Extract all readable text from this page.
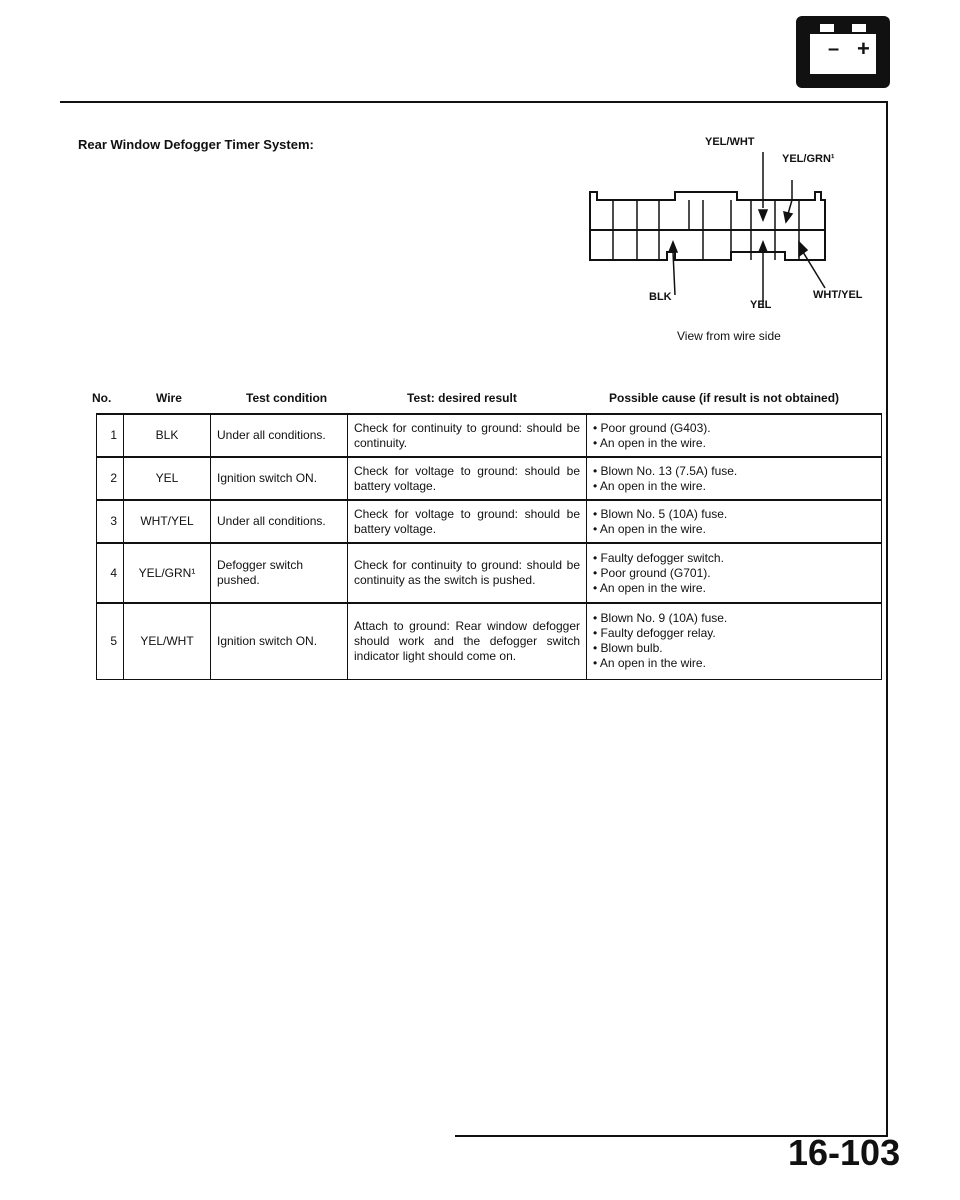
– +
Rear Window Defogger Timer System:	YEL/WHT
YEL/GRN¹
BLK
YEL
WHT/YEL
View from wire side
No.	Wire	Test condition	Test: desired result	Possible cause (if result is not obtained)
1	BLK	Under all conditions.	Check for continuity to ground: should be continuity.	• Poor ground (G403).
• An open in the wire.

2	YEL	Ignition switch ON.	Check for voltage to ground: should be battery voltage.	• Blown No. 13 (7.5A) fuse.
• An open in the wire.

3	WHT/YEL	Under all conditions.	Check for voltage to ground: should be battery voltage.	• Blown No. 5 (10A) fuse.
• An open in the wire.

4	YEL/GRN¹	Defogger switch pushed.	Check for continuity to ground: should be continuity as the switch is pushed.	• Faulty defogger switch.
• Poor ground (G701).
• An open in the wire.

5	YEL/WHT	Ignition switch ON.	Attach to ground: Rear window defogger should work and the defogger switch indicator light should come on.	• Blown No. 9 (10A) fuse.
• Faulty defogger relay.
• Blown bulb.
• An open in the wire.
16-103
